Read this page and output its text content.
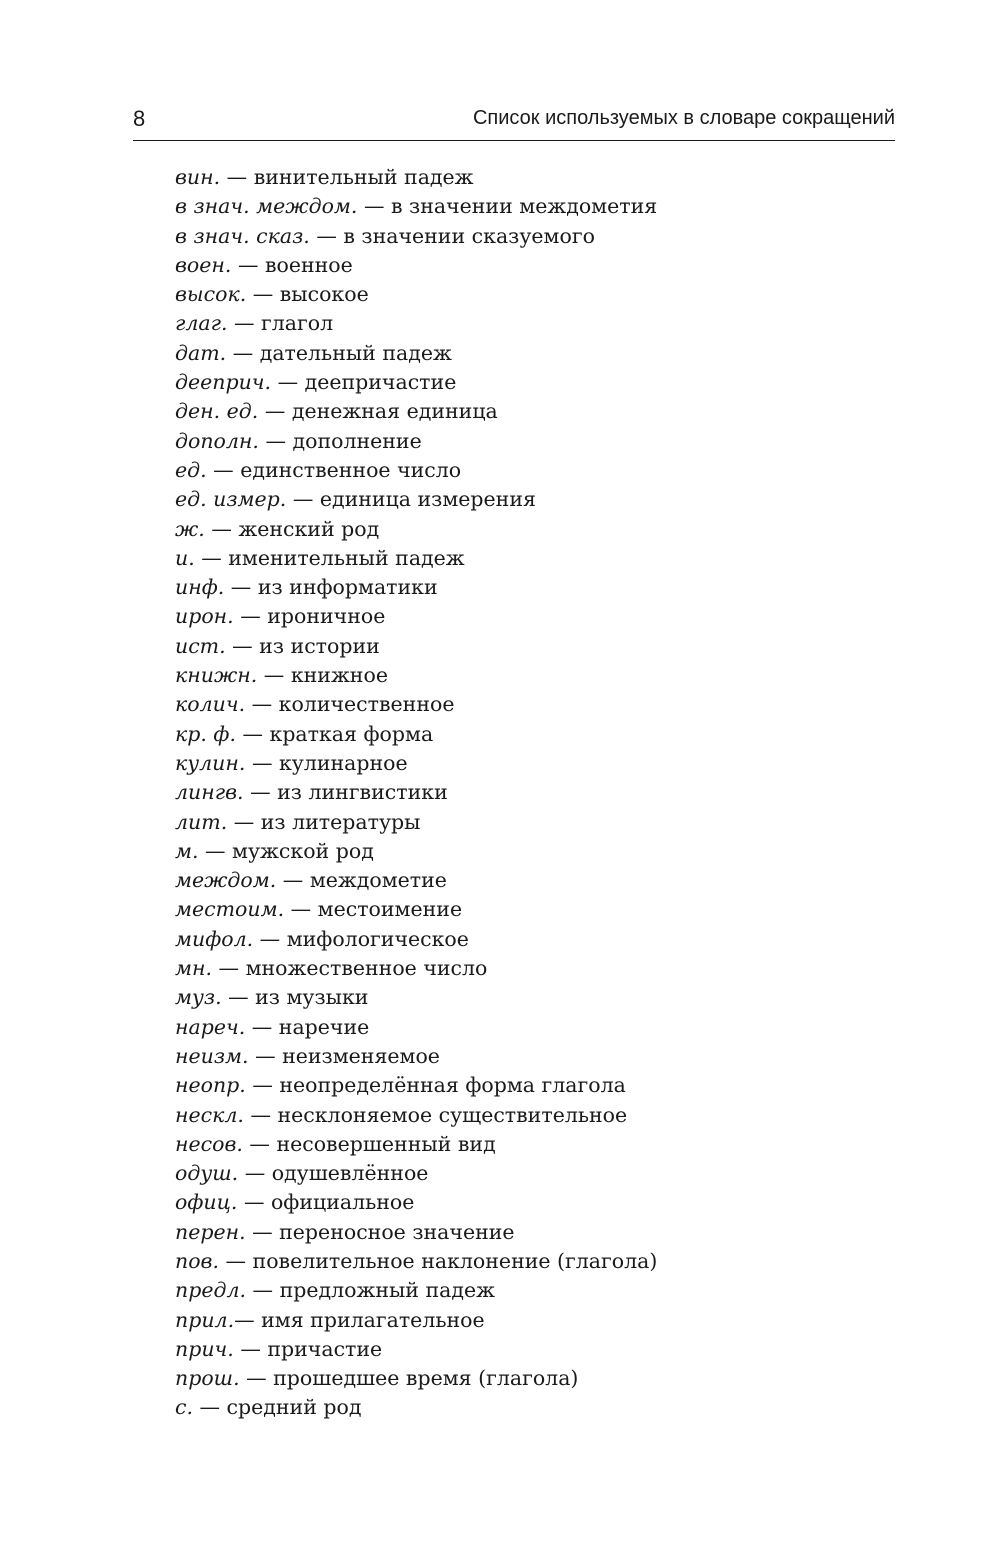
8	Список используемых в словаре сокращений
вин. — винительный падеж
в знач. междом. — в значении междометия
в знач. сказ. — в значении сказуемого
воен. — военное
высок. — высокое
глаг. — глагол
дат. — дательный падеж
дееприч. — деепричастие
ден. ед. — денежная единица
дополн. — дополнение
ед. — единственное число
ед. измер. — единица измерения
ж. — женский род
и. — именительный падеж
инф. — из информатики
ирон. — ироничное
ист. — из истории
книжн. — книжное
колич. — количественное
кр. ф. — краткая форма
кулин. — кулинарное
лингв. — из лингвистики
лит. — из литературы
м. — мужской род
междом. — междометие
местоим. — местоимение
мифол. — мифологическое
мн. — множественное число
муз. — из музыки
нареч. — наречие
неизм. — неизменяемое
неопр. — неопределённая форма глагола
нескл. — несклоняемое существительное
несов. — несовершенный вид
одуш. — одушевлённое
офиц. — официальное
перен. — переносное значение
пов. — повелительное наклонение (глагола)
предл. — предложный падеж
прил.— имя прилагательное
прич. — причастие
прош. — прошедшее время (глагола)
с. — средний род
